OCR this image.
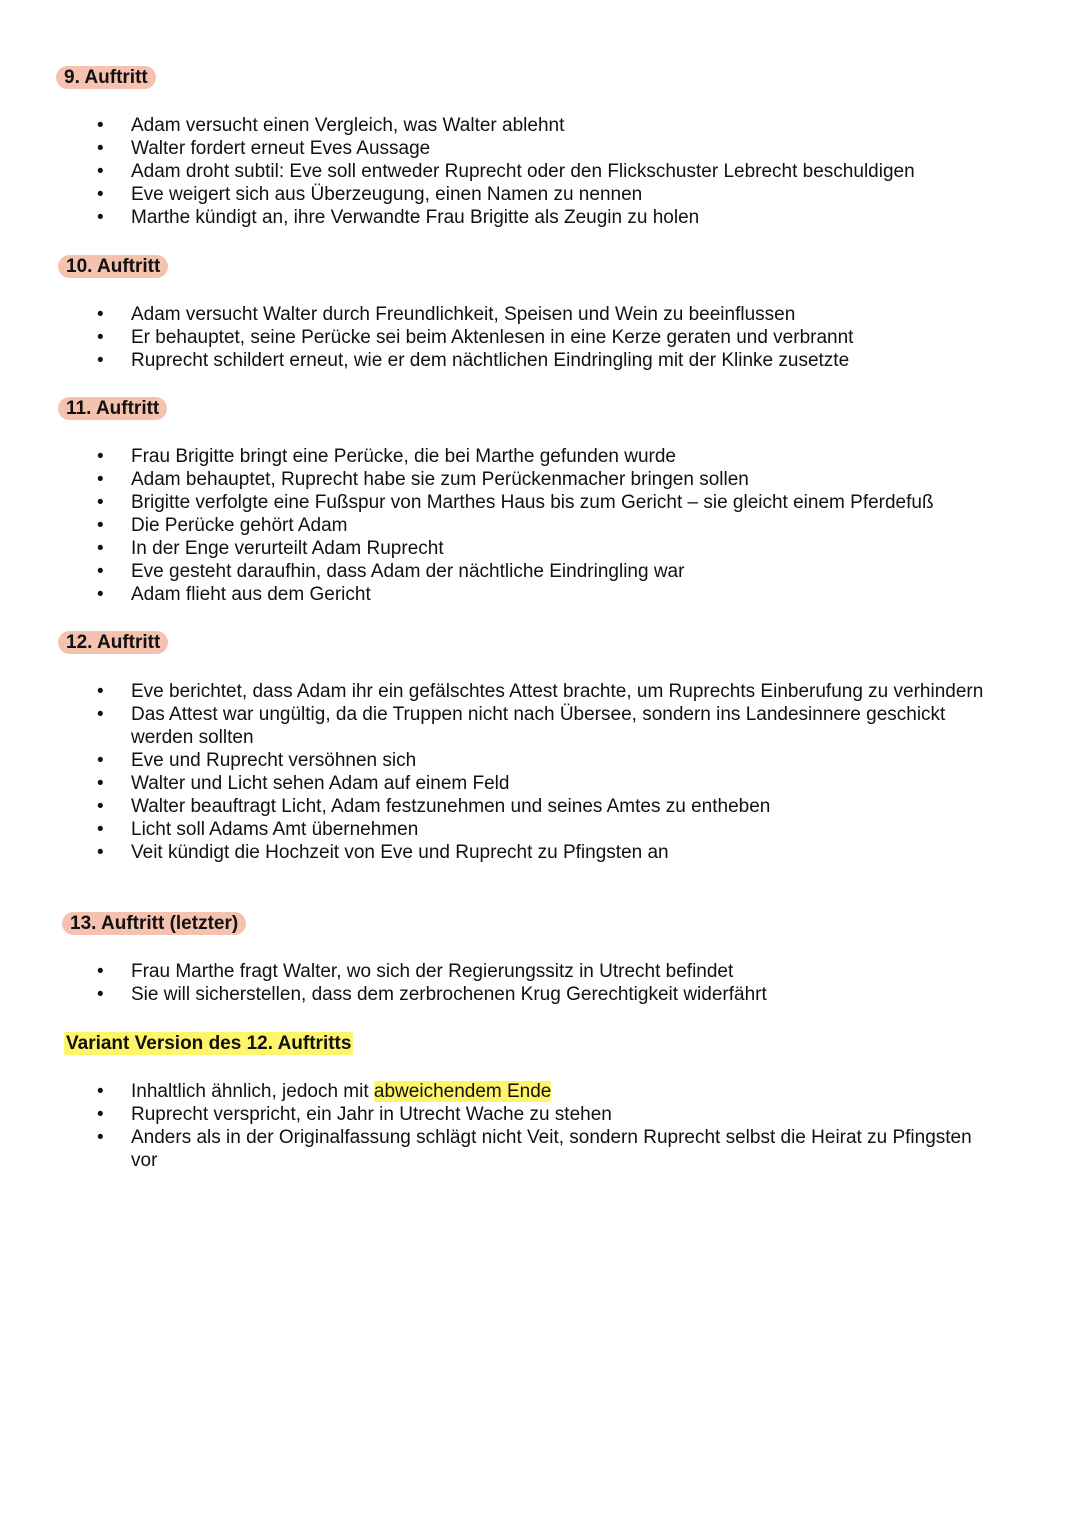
9. Auftritt
• Adam versucht einen Vergleich, was Walter ablehnt
• Walter fordert erneut Eves Aussage
• Adam droht subtil: Eve soll entweder Ruprecht oder den Flickschuster Lebrecht beschuldigen
• Eve weigert sich aus Überzeugung, einen Namen zu nennen
• Marthe kündigt an, ihre Verwandte Frau Brigitte als Zeugin zu holen
10. Auftritt
• Adam versucht Walter durch Freundlichkeit, Speisen und Wein zu beeinflussen
• Er behauptet, seine Perücke sei beim Aktenlesen in eine Kerze geraten und verbrannt
• Ruprecht schildert erneut, wie er dem nächtlichen Eindringling mit der Klinke zusetzte
11. Auftritt
• Frau Brigitte bringt eine Perücke, die bei Marthe gefunden wurde
• Adam behauptet, Ruprecht habe sie zum Perückenmacher bringen sollen
• Brigitte verfolgte eine Fußspur von Marthes Haus bis zum Gericht – sie gleicht einem Pferdefuß
• Die Perücke gehört Adam
• In der Enge verurteilt Adam Ruprecht
• Eve gesteht daraufhin, dass Adam der nächtliche Eindringling war
• Adam flieht aus dem Gericht
12. Auftritt
• Eve berichtet, dass Adam ihr ein gefälschtes Attest brachte, um Ruprechts Einberufung zu verhindern
• Das Attest war ungültig, da die Truppen nicht nach Übersee, sondern ins Landesinnere geschickt werden sollten
• Eve und Ruprecht versöhnen sich
• Walter und Licht sehen Adam auf einem Feld
• Walter beauftragt Licht, Adam festzunehmen und seines Amtes zu entheben
• Licht soll Adams Amt übernehmen
• Veit kündigt die Hochzeit von Eve und Ruprecht zu Pfingsten an
13. Auftritt (letzter)
• Frau Marthe fragt Walter, wo sich der Regierungssitz in Utrecht befindet
• Sie will sicherstellen, dass dem zerbrochenen Krug Gerechtigkeit widerfährt
Variant Version des 12. Auftritts
• Inhaltlich ähnlich, jedoch mit abweichendem Ende
• Ruprecht verspricht, ein Jahr in Utrecht Wache zu stehen
• Anders als in der Originalfassung schlägt nicht Veit, sondern Ruprecht selbst die Heirat zu Pfingsten vor
